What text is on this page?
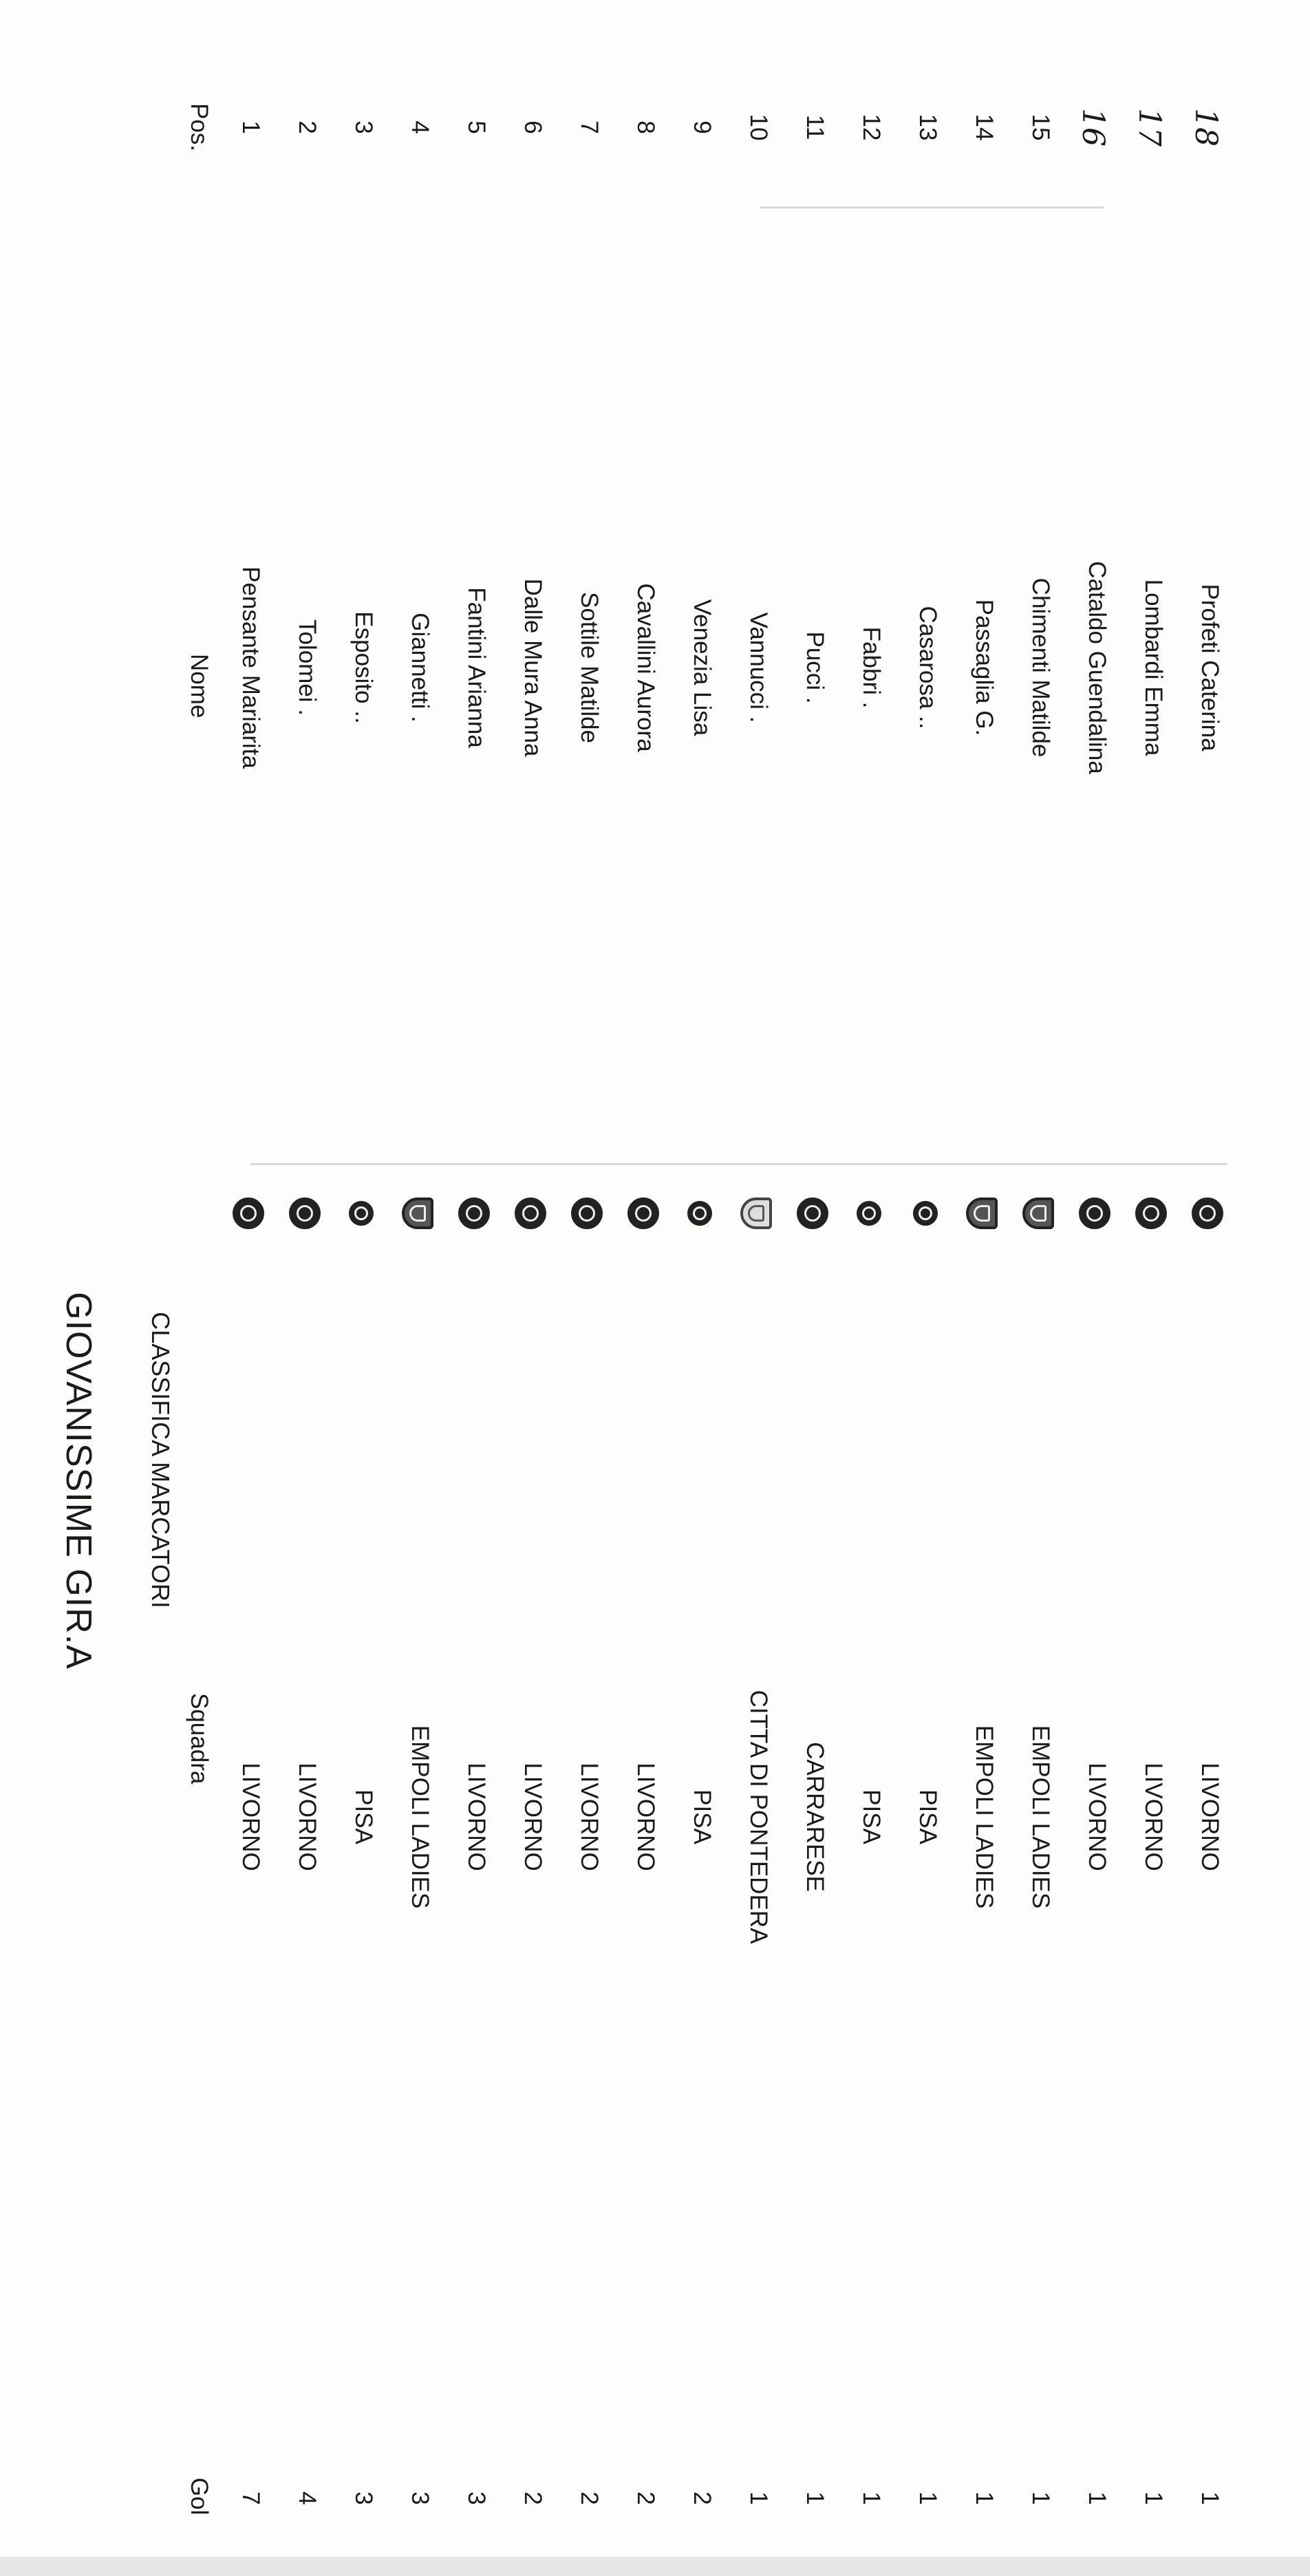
GIOVANISSIME GIR.A CLASSIFICA MARCATORI
Pos.
Nome
Squadra
Gol
1
Pensante Mariarita
LIVORNO
7
2
Tolomei .
LIVORNO
4
3
Esposito ..
PISA
3
4
Giannetti .
EMPOLI LADIES
3
5
Fantini Arianna
LIVORNO
3
6
Dalle Mura Anna
LIVORNO
2
7
Sottile Matilde
LIVORNO
2
8
Cavallini Aurora
LIVORNO
2
9
Venezia Lisa
PISA
2
10
Vannucci .
CITTA DI PONTEDERA
1
11
Pucci .
CARRARESE
1
12
Fabbri .
PISA
1
13
Casarosa ..
PISA
1
14
Passaglia G.
EMPOLI LADIES
1
15
Chimenti Matilde
EMPOLI LADIES
1
16
Cataldo Guendalina
LIVORNO
1
17
Lombardi Emma
LIVORNO
1
18
Profeti Caterina
LIVORNO
1
